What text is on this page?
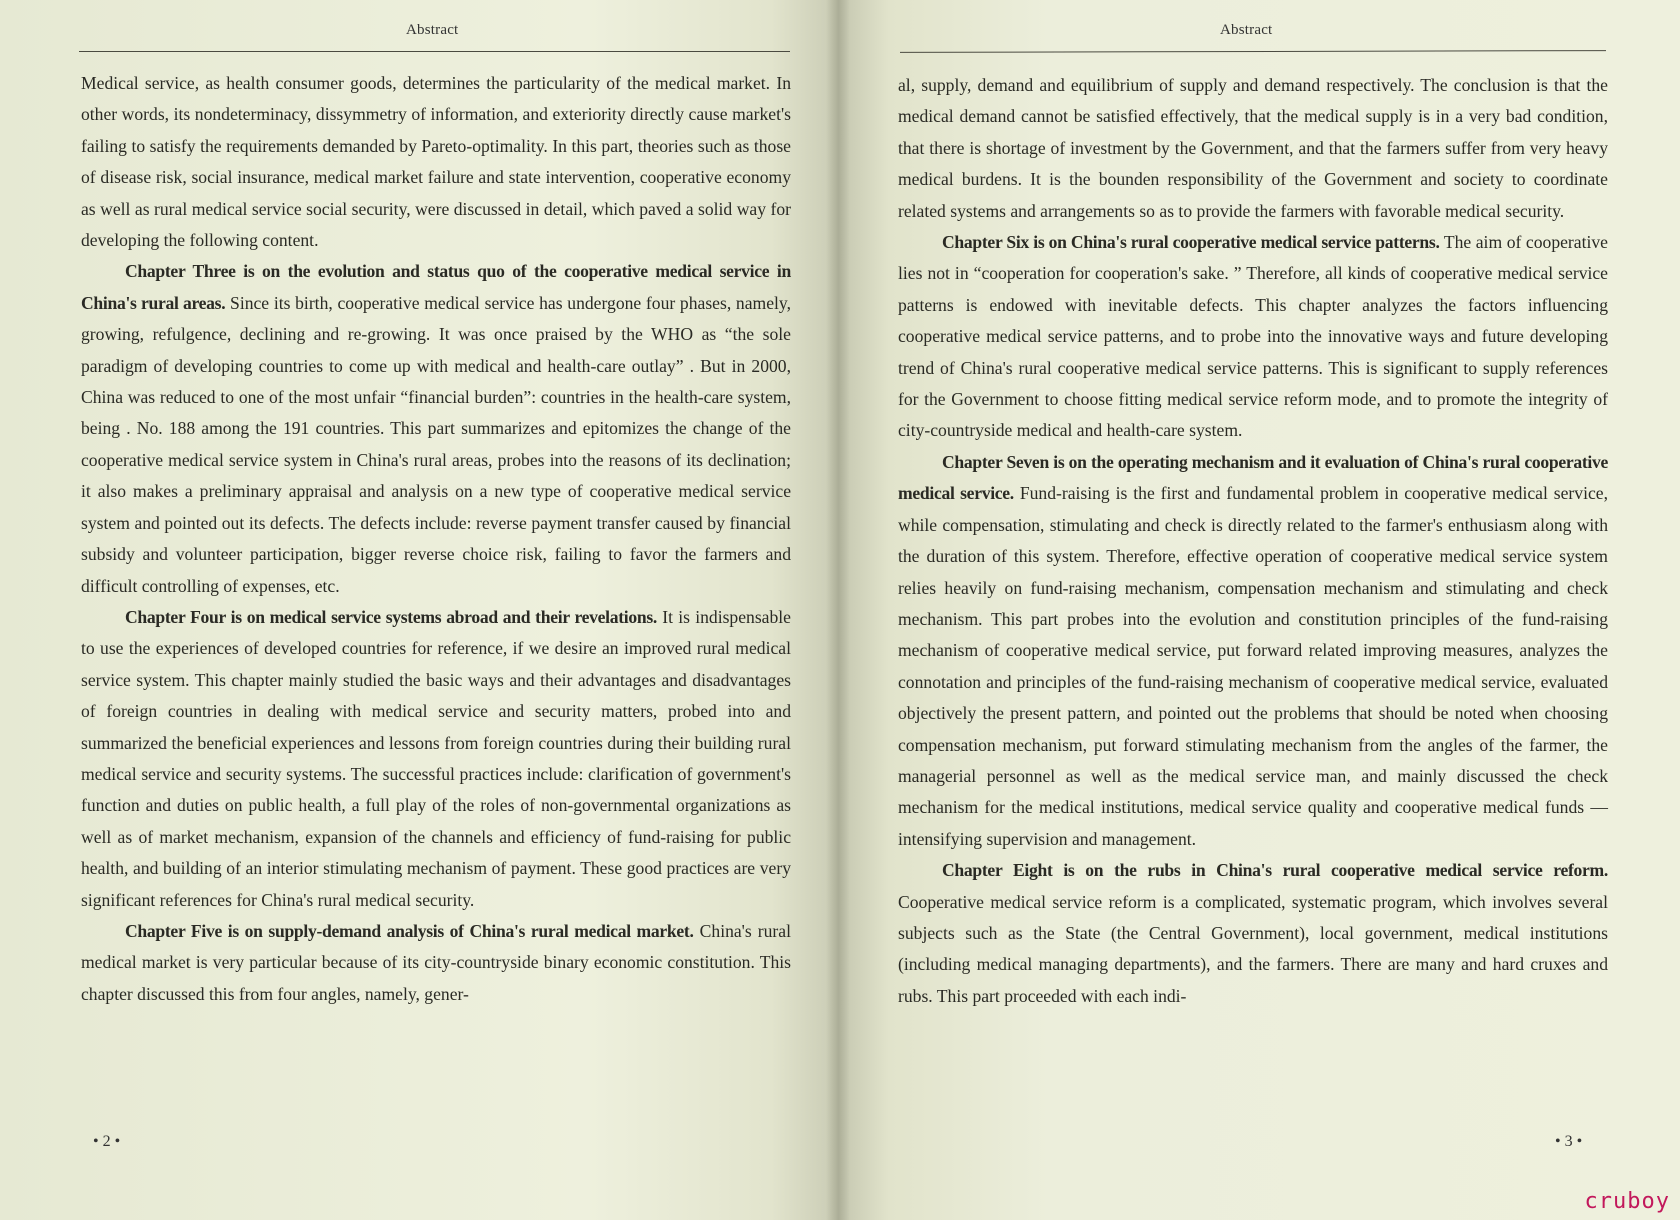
Abstract

Medical service, as health consumer goods, determines the particularity of the medical market. In other words, its nondeterminacy, dissymmetry of information, and exteriority directly cause market's failing to satisfy the requirements demanded by Pareto-optimality. In this part, theories such as those of disease risk, social insurance, medical market failure and state intervention, cooperative economy as well as rural medical service social security, were discussed in detail, which paved a solid way for developing the following content.

Chapter Three is on the evolution and status quo of the cooperative medical service in China's rural areas. Since its birth, cooperative medical service has undergone four phases, namely, growing, refulgence, declining and re-growing. It was once praised by the WHO as “the sole paradigm of developing countries to come up with medical and health-care outlay” . But in 2000, China was reduced to one of the most unfair “financial burden”: countries in the health-care system, being . No. 188 among the 191 countries. This part summarizes and epitomizes the change of the cooperative medical service system in China's rural areas, probes into the reasons of its declination; it also makes a preliminary appraisal and analysis on a new type of cooperative medical service system and pointed out its defects. The defects include: reverse payment transfer caused by financial subsidy and volunteer participation, bigger reverse choice risk, failing to favor the farmers and difficult controlling of expenses, etc.

Chapter Four is on medical service systems abroad and their revelations. It is indispensable to use the experiences of developed countries for reference, if we desire an improved rural medical service system. This chapter mainly studied the basic ways and their advantages and disadvantages of foreign countries in dealing with medical service and security matters, probed into and summarized the beneficial experiences and lessons from foreign countries during their building rural medical service and security systems. The successful practices include: clarification of government's function and duties on public health, a full play of the roles of non-governmental organizations as well as of market mechanism, expansion of the channels and efficiency of fund-raising for public health, and building of an interior stimulating mechanism of payment. These good practices are very significant references for China's rural medical security.

Chapter Five is on supply-demand analysis of China's rural medical market. China's rural medical market is very particular because of its city-countryside binary economic constitution. This chapter discussed this from four angles, namely, gener-

• 2 •
Abstract

al, supply, demand and equilibrium of supply and demand respectively. The conclusion is that the medical demand cannot be satisfied effectively, that the medical supply is in a very bad condition, that there is shortage of investment by the Government, and that the farmers suffer from very heavy medical burdens. It is the bounden responsibility of the Government and society to coordinate related systems and arrangements so as to provide the farmers with favorable medical security.

Chapter Six is on China's rural cooperative medical service patterns. The aim of cooperative lies not in “cooperation for cooperation's sake. ” Therefore, all kinds of cooperative medical service patterns is endowed with inevitable defects. This chapter analyzes the factors influencing cooperative medical service patterns, and to probe into the innovative ways and future developing trend of China's rural cooperative medical service patterns. This is significant to supply references for the Government to choose fitting medical service reform mode, and to promote the integrity of city-countryside medical and health-care system.

Chapter Seven is on the operating mechanism and it evaluation of China's rural cooperative medical service. Fund-raising is the first and fundamental problem in cooperative medical service, while compensation, stimulating and check is directly related to the farmer's enthusiasm along with the duration of this system. Therefore, effective operation of cooperative medical service system relies heavily on fund-raising mechanism, compensation mechanism and stimulating and check mechanism. This part probes into the evolution and constitution principles of the fund-raising mechanism of cooperative medical service, put forward related improving measures, analyzes the connotation and principles of the fund-raising mechanism of cooperative medical service, evaluated objectively the present pattern, and pointed out the problems that should be noted when choosing compensation mechanism, put forward stimulating mechanism from the angles of the farmer, the managerial personnel as well as the medical service man, and mainly discussed the check mechanism for the medical institutions, medical service quality and cooperative medical funds — intensifying supervision and management.

Chapter Eight is on the rubs in China's rural cooperative medical service reform. Cooperative medical service reform is a complicated, systematic program, which involves several subjects such as the State (the Central Government), local government, medical institutions (including medical managing departments), and the farmers. There are many and hard cruxes and rubs. This part proceeded with each indi-

• 3 •
cruboy
